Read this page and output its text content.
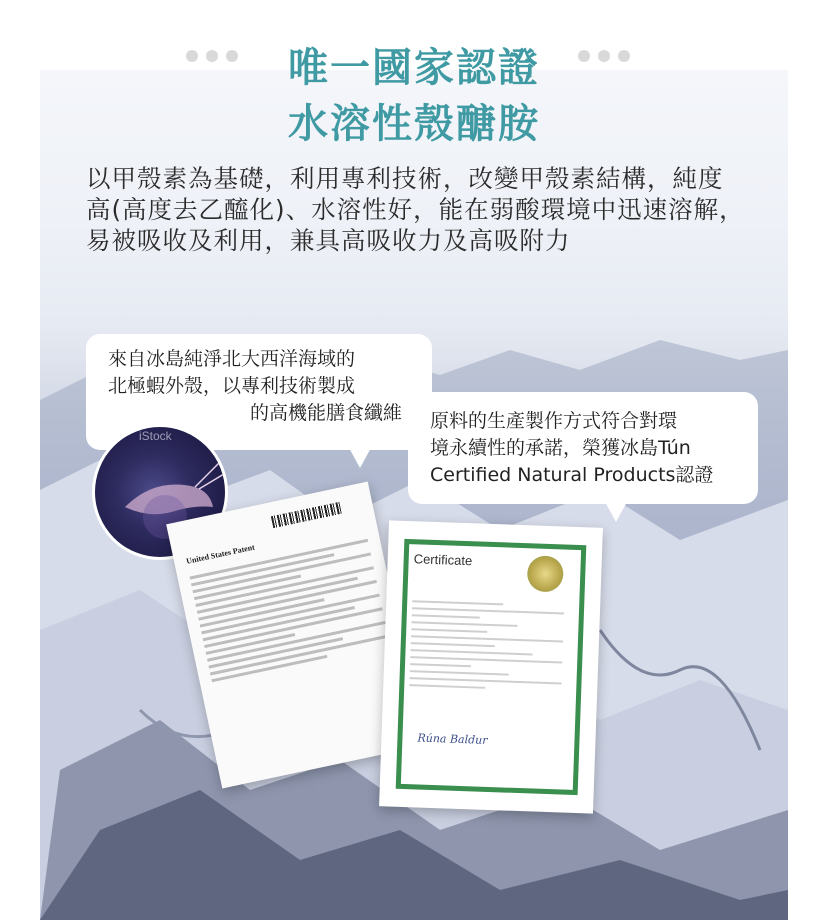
唯一國家認證
水溶性殼醣胺
以甲殼素為基礎，利用專利技術，改變甲殼素結構，純度高(高度去乙醯化)、水溶性好，能在弱酸環境中迅速溶解，易被吸收及利用，兼具高吸收力及高吸附力
來自冰島純淨北大西洋海域的
北極蝦外殼，以專利技術製成
的高機能膳食纖維	原料的生產製作方式符合對環
境永續性的承諾，榮獲冰島Tún
Certified Natural Products認證
iStock
United States Patent	Certificate
Rúna Baldur
